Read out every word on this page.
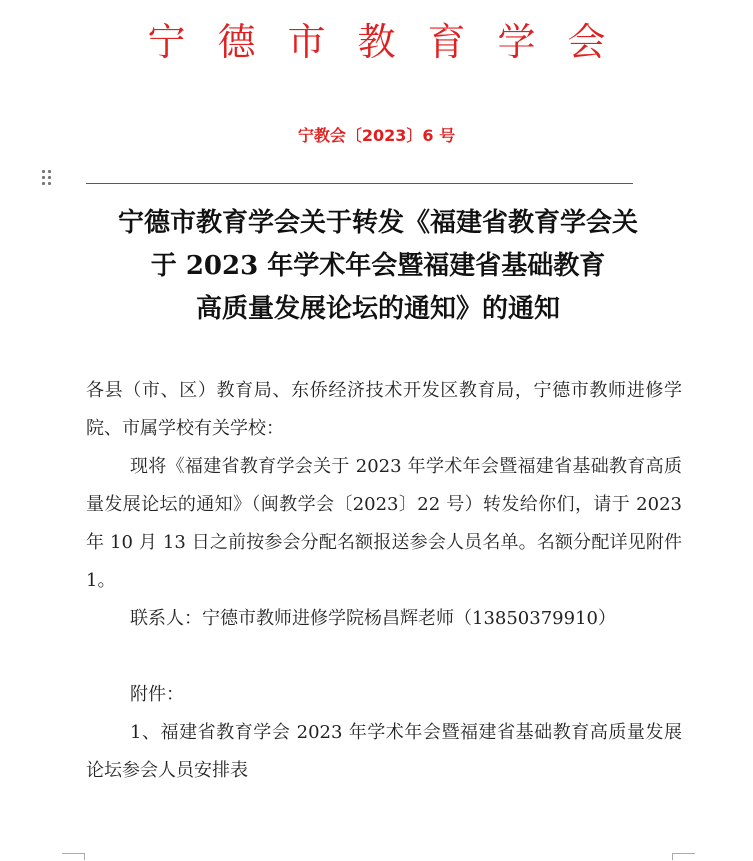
宁德市教育学会
宁教会〔2023〕6 号
宁德市教育学会关于转发《福建省教育学会关
于 2023 年学术年会暨福建省基础教育
高质量发展论坛的通知》的通知

各县（市、区）教育局、东侨经济技术开发区教育局，宁德市教师进修学院、市属学校有关学校：

现将《福建省教育学会关于 2023 年学术年会暨福建省基础教育高质量发展论坛的通知》（闽教学会〔2023〕22 号）转发给你们，请于 2023 年 10 月 13 日之前按参会分配名额报送参会人员名单。名额分配详见附件 1。

联系人：宁德市教师进修学院杨昌辉老师（13850379910）

附件：

1、福建省教育学会 2023 年学术年会暨福建省基础教育高质量发展论坛参会人员安排表
